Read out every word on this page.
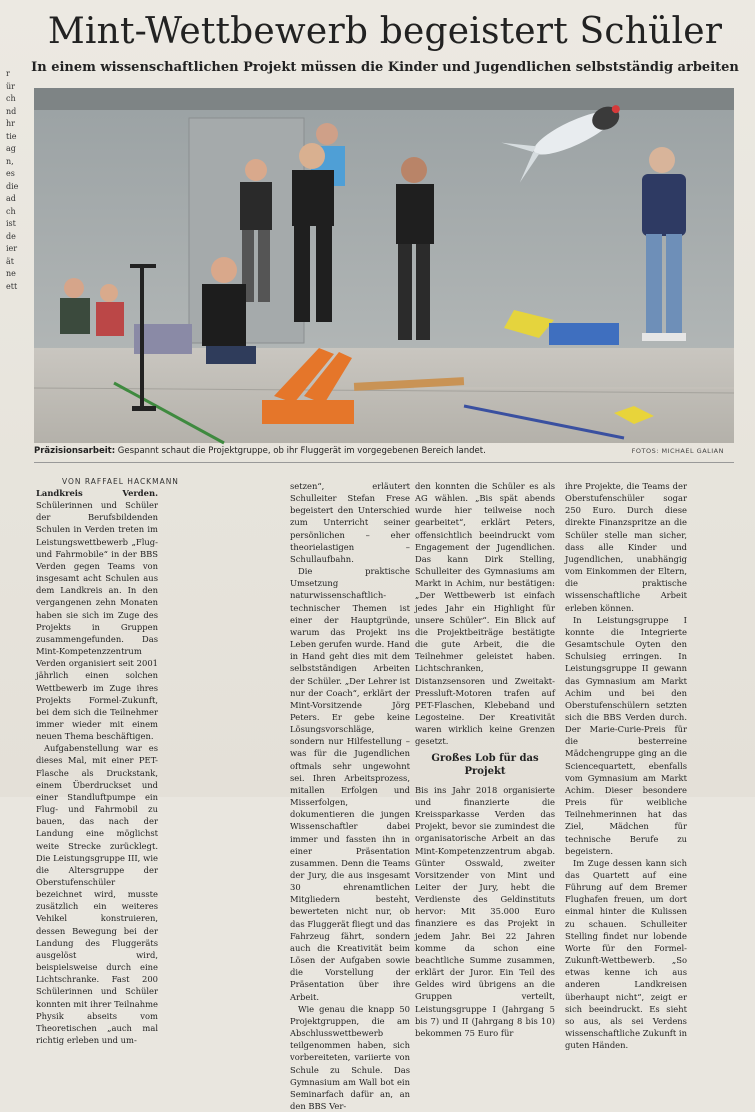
r
ür
ch
nd
hr
tie
ag
n,
es
die
ad
ch
ist
de
ier
ät
ne
ett
Mint-Wettbewerb begeistert Schüler
In einem wissenschaftlichen Projekt müssen die Kinder und Jugendlichen selbstständig arbeiten
Präzisionsarbeit: Gespannt schaut die Projektgruppe, ob ihr Fluggerät im vorgegebenen Bereich landet.	FOTOS: MICHAEL GALIAN
VON RAFFAEL HACKMANN

Landkreis Verden. Schülerinnen und Schüler der Berufsbildenden Schulen in Verden treten im Leistungswettbewerb „Flug- und Fahrmobile“ in der BBS Verden gegen Teams von insgesamt acht Schulen aus dem Landkreis an. In den vergangenen zehn Monaten haben sie sich im Zuge des Projekts in Gruppen zusammengefunden. Das Mint-Kompetenzzentrum Verden organisiert seit 2001 jährlich einen solchen Wettbewerb im Zuge ihres Projekts Formel-Zukunft, bei dem sich die Teilnehmer immer wieder mit einem neuen Thema beschäftigen.

Aufgabenstellung war es dieses Mal, mit einer PET-Flasche als Druckstank, einem Überdruckset und einer Standluftpumpe ein Flug- und Fahrmobil zu bauen, das nach der Landung eine möglichst weite Strecke zurücklegt. Die Leistungsgruppe III, wie die Altersgruppe der Oberstufenschüler bezeichnet wird, musste zusätzlich ein weiteres Vehikel konstruieren, dessen Bewegung bei der Landung des Fluggeräts ausgelöst wird, beispielsweise durch eine Lichtschranke. Fast 200 Schülerinnen und Schüler konnten mit ihrer Teilnahme Physik abseits vom Theoretischen „auch mal richtig erleben und um-

setzen“, erläutert Schulleiter Stefan Frese begeistert den Unterschied zum Unterricht seiner persönlichen – eher theorielastigen – Schullaufbahn.

Die praktische Umsetzung naturwissenschaftlich-technischer Themen ist einer der Hauptgründe, warum das Projekt ins Leben gerufen wurde. Hand in Hand geht dies mit dem selbstständigen Arbeiten der Schüler. „Der Lehrer ist nur der Coach“, erklärt der Mint-Vorsitzende Jörg Peters. Er gebe keine Lösungsvorschläge, sondern nur Hilfestellung – was für die Jugendlichen oftmals sehr ungewohnt sei. Ihren Arbeitsprozess, mitallen Erfolgen und Misserfolgen, dokumentieren die jungen Wissenschaftler dabei immer und fassten ihn in einer Präsentation zusammen. Denn die Teams der Jury, die aus insgesamt 30 ehrenamtlichen Mitgliedern besteht, bewerteten nicht nur, ob das Fluggerät fliegt und das Fahrzeug fährt, sondern auch die Kreativität beim Lösen der Aufgaben sowie die Vorstellung der Präsentation über ihre Arbeit.

Wie genau die knapp 50 Projektgruppen, die am Abschlusswettbewerb teilgenommen haben, sich vorbereiteten, variierte von Schule zu Schule. Das Gymnasium am Wall bot ein Seminarfach dafür an, an den BBS Ver-

den konnten die Schüler es als AG wählen. „Bis spät abends wurde hier teilweise noch gearbeitet“, erklärt Peters, offensichtlich beeindruckt vom Engagement der Jugendlichen. Das kann Dirk Stelling, Schulleiter des Gymnasiums am Markt in Achim, nur bestätigen: „Der Wettbewerb ist einfach jedes Jahr ein Highlight für unsere Schüler“. Ein Blick auf die Projektbeiträge bestätigte die gute Arbeit, die die Teilnehmer geleistet haben. Lichtschranken, Distanzsensoren und Zweitakt-Pressluft-Motoren trafen auf PET-Flaschen, Klebeband und Legosteine. Der Kreativität waren wirklich keine Grenzen gesetzt.

Großes Lob für das Projekt

Bis ins Jahr 2018 organisierte und finanzierte die Kreissparkasse Verden das Projekt, bevor sie zumindest die organisatorische Arbeit an das Mint-Kompetenzzentrum abgab. Günter Osswald, zweiter Vorsitzender von Mint und Leiter der Jury, hebt die Verdienste des Geldinstituts hervor: Mit 35.000 Euro finanziere es das Projekt in jedem Jahr. Bei 22 Jahren komme da schon eine beachtliche Summe zusammen, erklärt der Juror. Ein Teil des Geldes wird übrigens an die Gruppen verteilt, Leistungsgruppe I (Jahrgang 5 bis 7) und II (Jahrgang 8 bis 10) bekommen 75 Euro für

ihre Projekte, die Teams der Oberstufenschüler sogar 250 Euro. Durch diese direkte Finanzspritze an die Schüler stelle man sicher, dass alle Kinder und Jugendlichen, unabhängig vom Einkommen der Eltern, die praktische wissenschaftliche Arbeit erleben können.

In Leistungsgruppe I konnte die Integrierte Gesamtschule Oyten den Schulsieg erringen. In Leistungsgruppe II gewann das Gymnasium am Markt Achim und bei den Oberstufenschülern setzten sich die BBS Verden durch. Der Marie-Curie-Preis für die besterreine Mädchengruppe ging an die Sciencequartett, ebenfalls vom Gymnasium am Markt Achim. Dieser besondere Preis für weibliche Teilnehmerinnen hat das Ziel, Mädchen für technische Berufe zu begeistern.

Im Zuge dessen kann sich das Quartett auf eine Führung auf dem Bremer Flughafen freuen, um dort einmal hinter die Kulissen zu schauen. Schulleiter Stelling findet nur lobende Worte für den Formel-Zukunft-Wettbewerb. „So etwas kenne ich aus anderen Landkreisen überhaupt nicht“, zeigt er sich beeindruckt. Es sieht so aus, als sei Verdens wissenschaftliche Zukunft in guten Händen.
